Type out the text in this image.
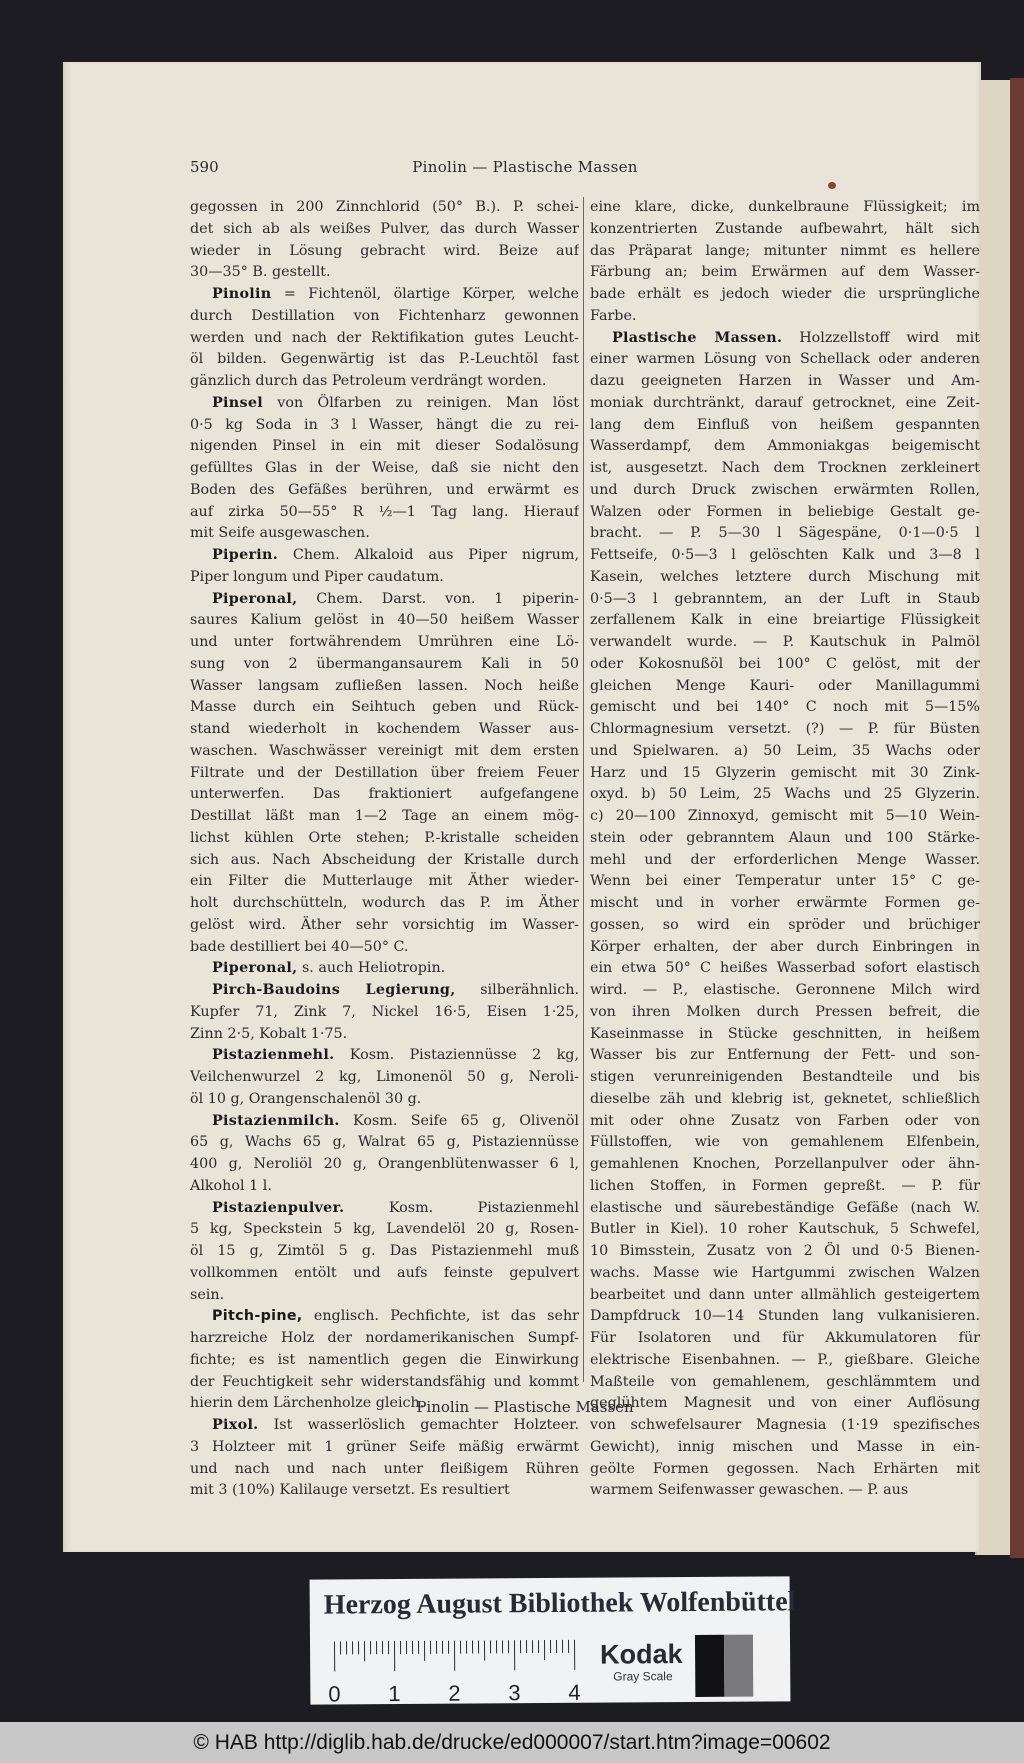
590	Pinolin — Plastische Massen
gegossen in 200 Zinnchlorid (50° B.). P. schei-
det sich ab als weißes Pulver, das durch Wasser
wieder in Lösung gebracht wird. Beize auf
30—35° B. gestellt.
Pinolin = Fichtenöl, ölartige Körper, welche
durch Destillation von Fichtenharz gewonnen
werden und nach der Rektifikation gutes Leucht-
öl bilden. Gegenwärtig ist das P.-Leuchtöl fast
gänzlich durch das Petroleum verdrängt worden.
Pinsel von Ölfarben zu reinigen. Man löst
0·5 kg Soda in 3 l Wasser, hängt die zu rei-
nigenden Pinsel in ein mit dieser Sodalösung
gefülltes Glas in der Weise, daß sie nicht den
Boden des Gefäßes berühren, und erwärmt es
auf zirka 50—55° R ½—1 Tag lang. Hierauf
mit Seife ausgewaschen.
Piperin. Chem. Alkaloid aus Piper nigrum,
Piper longum und Piper caudatum.
Piperonal, Chem. Darst. von. 1 piperin-
saures Kalium gelöst in 40—50 heißem Wasser
und unter fortwährendem Umrühren eine Lö-
sung von 2 übermangansaurem Kali in 50
Wasser langsam zufließen lassen. Noch heiße
Masse durch ein Seihtuch geben und Rück-
stand wiederholt in kochendem Wasser aus-
waschen. Waschwässer vereinigt mit dem ersten
Filtrate und der Destillation über freiem Feuer
unterwerfen. Das fraktioniert aufgefangene
Destillat läßt man 1—2 Tage an einem mög-
lichst kühlen Orte stehen; P.-kristalle scheiden
sich aus. Nach Abscheidung der Kristalle durch
ein Filter die Mutterlauge mit Äther wieder-
holt durchschütteln, wodurch das P. im Äther
gelöst wird. Äther sehr vorsichtig im Wasser-
bade destilliert bei 40—50° C.
Piperonal, s. auch Heliotropin.
Pirch-Baudoins Legierung, silberähnlich.
Kupfer 71, Zink 7, Nickel 16·5, Eisen 1·25,
Zinn 2·5, Kobalt 1·75.
Pistazienmehl. Kosm. Pistaziennüsse 2 kg,
Veilchenwurzel 2 kg, Limonenöl 50 g, Neroli-
öl 10 g, Orangenschalenöl 30 g.
Pistazienmilch. Kosm. Seife 65 g, Olivenöl
65 g, Wachs 65 g, Walrat 65 g, Pistaziennüsse
400 g, Neroliöl 20 g, Orangenblütenwasser 6 l,
Alkohol 1 l.
Pistazienpulver. Kosm. Pistazienmehl
5 kg, Speckstein 5 kg, Lavendelöl 20 g, Rosen-
öl 15 g, Zimtöl 5 g. Das Pistazienmehl muß
vollkommen entölt und aufs feinste gepulvert
sein.
Pitch-pine, englisch. Pechfichte, ist das sehr
harzreiche Holz der nordamerikanischen Sumpf-
fichte; es ist namentlich gegen die Einwirkung
der Feuchtigkeit sehr widerstandsfähig und kommt
hierin dem Lärchenholze gleich.
Pixol. Ist wasserlöslich gemachter Holzteer.
3 Holzteer mit 1 grüner Seife mäßig erwärmt
und nach und nach unter fleißigem Rühren
mit 3 (10%) Kalilauge versetzt. Es resultiert
eine klare, dicke, dunkelbraune Flüssigkeit; im
konzentrierten Zustande aufbewahrt, hält sich
das Präparat lange; mitunter nimmt es hellere
Färbung an; beim Erwärmen auf dem Wasser-
bade erhält es jedoch wieder die ursprüngliche
Farbe.
Plastische Massen. Holzzellstoff wird mit
einer warmen Lösung von Schellack oder anderen
dazu geeigneten Harzen in Wasser und Am-
moniak durchtränkt, darauf getrocknet, eine Zeit-
lang dem Einfluß von heißem gespannten
Wasserdampf, dem Ammoniakgas beigemischt
ist, ausgesetzt. Nach dem Trocknen zerkleinert
und durch Druck zwischen erwärmten Rollen,
Walzen oder Formen in beliebige Gestalt ge-
bracht. — P. 5—30 l Sägespäne, 0·1—0·5 l
Fettseife, 0·5—3 l gelöschten Kalk und 3—8 l
Kasein, welches letztere durch Mischung mit
0·5—3 l gebranntem, an der Luft in Staub
zerfallenem Kalk in eine breiartige Flüssigkeit
verwandelt wurde. — P. Kautschuk in Palmöl
oder Kokosnußöl bei 100° C gelöst, mit der
gleichen Menge Kauri- oder Manillagummi
gemischt und bei 140° C noch mit 5—15%
Chlormagnesium versetzt. (?) — P. für Büsten
und Spielwaren. a) 50 Leim, 35 Wachs oder
Harz und 15 Glyzerin gemischt mit 30 Zink-
oxyd. b) 50 Leim, 25 Wachs und 25 Glyzerin.
c) 20—100 Zinnoxyd, gemischt mit 5—10 Wein-
stein oder gebranntem Alaun und 100 Stärke-
mehl und der erforderlichen Menge Wasser.
Wenn bei einer Temperatur unter 15° C ge-
mischt und in vorher erwärmte Formen ge-
gossen, so wird ein spröder und brüchiger
Körper erhalten, der aber durch Einbringen in
ein etwa 50° C heißes Wasserbad sofort elastisch
wird. — P., elastische. Geronnene Milch wird
von ihren Molken durch Pressen befreit, die
Kaseinmasse in Stücke geschnitten, in heißem
Wasser bis zur Entfernung der Fett- und son-
stigen verunreinigenden Bestandteile und bis
dieselbe zäh und klebrig ist, geknetet, schließlich
mit oder ohne Zusatz von Farben oder von
Füllstoffen, wie von gemahlenem Elfenbein,
gemahlenen Knochen, Porzellanpulver oder ähn-
lichen Stoffen, in Formen gepreßt. — P. für
elastische und säurebeständige Gefäße (nach W.
Butler in Kiel). 10 roher Kautschuk, 5 Schwefel,
10 Bimsstein, Zusatz von 2 Öl und 0·5 Bienen-
wachs. Masse wie Hartgummi zwischen Walzen
bearbeitet und dann unter allmählich gesteigertem
Dampfdruck 10—14 Stunden lang vulkanisieren.
Für Isolatoren und für Akkumulatoren für
elektrische Eisenbahnen. — P., gießbare. Gleiche
Maßteile von gemahlenem, geschlämmtem und
geglühtem Magnesit und von einer Auflösung
von schwefelsaurer Magnesia (1·19 spezifisches
Gewicht), innig mischen und Masse in ein-
geölte Formen gegossen. Nach Erhärten mit
warmem Seifenwasser gewaschen. — P. aus
Pinolin — Plastische Massen
Herzog August Bibliothek Wolfenbüttel
0 1 2 3 4
Kodak
Gray Scale
© HAB http://diglib.hab.de/drucke/ed000007/start.htm?image=00602
